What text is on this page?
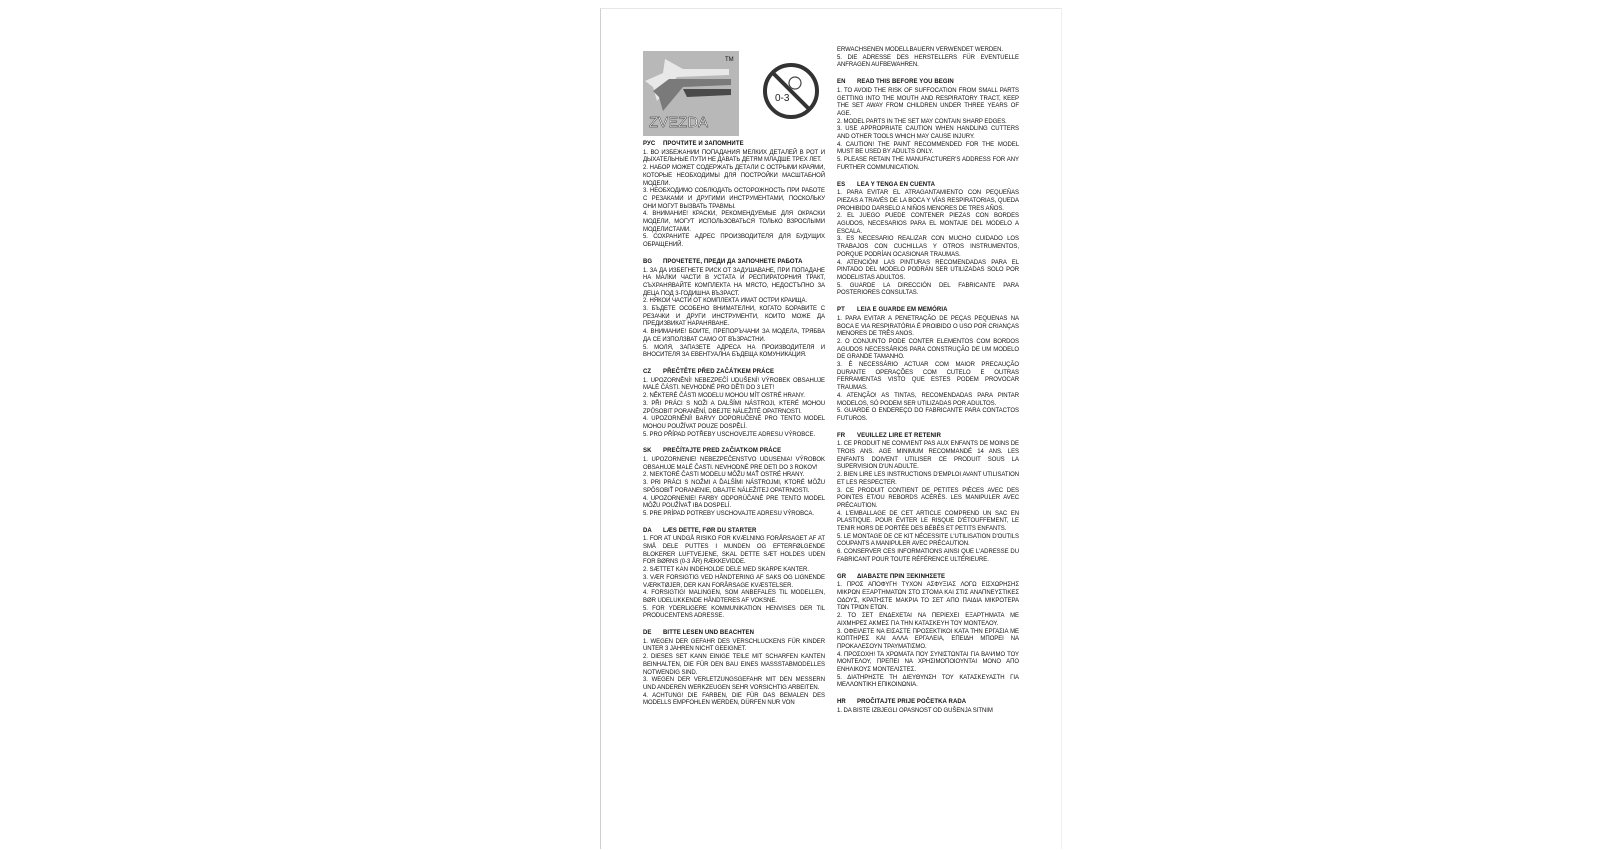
ZVEZDA
TM
0-3
РУС ПРОЧТИТЕ И ЗАПОМНИТЕ
1. ВО ИЗБЕЖАНИИ ПОПАДАНИЯ МЕЛКИХ ДЕТАЛЕЙ В РОТ И ДЫХАТЕЛЬНЫЕ ПУТИ НЕ ДАВАТЬ ДЕТЯМ МЛАДШЕ ТРЕХ ЛЕТ.
2. НАБОР МОЖЕТ СОДЕРЖАТЬ ДЕТАЛИ С ОСТРЫМИ КРАЯМИ, КОТОРЫЕ НЕОБХОДИМЫ ДЛЯ ПОСТРОЙКИ МАСШТАБНОЙ МОДЕЛИ.
3. НЕОБХОДИМО СОБЛЮДАТЬ ОСТОРОЖНОСТЬ ПРИ РАБОТЕ С РЕЗАКАМИ И ДРУГИМИ ИНСТРУМЕНТАМИ, ПОСКОЛЬКУ ОНИ МОГУТ ВЫЗВАТЬ ТРАВМЫ.
4. ВНИМАНИЕ! КРАСКИ, РЕКОМЕНДУЕМЫЕ ДЛЯ ОКРАСКИ МОДЕЛИ, МОГУТ ИСПОЛЬЗОВАТЬСЯ ТОЛЬКО ВЗРОСЛЫМИ МОДЕЛИСТАМИ.
5. СОХРАНИТЕ АДРЕС ПРОИЗВОДИТЕЛЯ ДЛЯ БУДУЩИХ ОБРАЩЕНИЙ.
BG ПРОЧЕТЕТЕ, ПРЕДИ ДА ЗАПОЧНЕТЕ РАБОТА
1. ЗА ДА ИЗБЕГНЕТЕ РИСК ОТ ЗАДУШАВАНЕ, ПРИ ПОПАДАНЕ НА МАЛКИ ЧАСТИ В УСТАТА И РЕСПИРАТОРНИЯ ТРАКТ, СЪХРАНЯВАЙТЕ КОМПЛЕКТА НА МЯСТО, НЕДОСТЪПНО ЗА ДЕЦА ПОД 3-ГОДИШНА ВЪЗРАСТ.
2. НЯКОИ ЧАСТИ ОТ КОМПЛЕКТА ИМАТ ОСТРИ КРАИЩА.
3. БЪДЕТЕ ОСОБЕНО ВНИМАТЕЛНИ, КОГАТО БОРАВИТЕ С РЕЗАЧКИ И ДРУГИ ИНСТРУМЕНТИ, КОИТО МОЖЕ ДА ПРЕДИЗВИКАТ НАРАНЯВАНЕ.
4. ВНИМАНИЕ! БОИТЕ, ПРЕПОРЪЧАНИ ЗА МОДЕЛА, ТРЯБВА ДА СЕ ИЗПОЛЗВАТ САМО ОТ ВЪЗРАСТНИ.
5. МОЛЯ, ЗАПАЗЕТЕ АДРЕСА НА ПРОИЗВОДИТЕЛЯ И ВНОСИТЕЛЯ ЗА ЕВЕНТУАЛНА БЪДЕЩА КОМУНИКАЦИЯ.
CZ PŘEČTĚTE PŘED ZAČÁTKEM PRÁCE
1. UPOZORNĚNÍ! NEBEZPEČÍ UDUŠENÍ! VÝROBEK OBSAHUJE MALÉ ČÁSTI. NEVHODNÉ PRO DĚTI DO 3 LET!
2. NĚKTERÉ ČÁSTI MODELU MOHOU MÍT OSTRÉ HRANY.
3. PŘI PRÁCI S NOŽI A DALŠÍMI NÁSTROJI, KTERÉ MOHOU ZPŮSOBIT PORANĚNÍ, DBEJTE NÁLEŽITÉ OPATRNOSTI.
4. UPOZORNĚNÍ! BARVY DOPORUČENÉ PRO TENTO MODEL MOHOU POUŽÍVAT POUZE DOSPĚLÍ.
5. PRO PŘÍPAD POTŘEBY USCHOVEJTE ADRESU VÝROBCE.
SK PREČÍTAJTE PRED ZAČIATKOM PRÁCE
1. UPOZORNENIE! NEBEZPEČENSTVO UDUSENIA! VÝROBOK OBSAHUJE MALÉ ČASTI. NEVHODNÉ PRE DETI DO 3 ROKOV!
2. NIEKTORÉ ČASTI MODELU MÔŽU MAŤ OSTRÉ HRANY.
3. PRI PRÁCI S NOŽMI A ĎALŠÍMI NÁSTROJMI, KTORÉ MÔŽU SPÔSOBIŤ PORANENIE, DBAJTE NÁLEŽITEJ OPATRNOSTI.
4. UPOZORNENIE! FARBY ODPORÚČANÉ PRE TENTO MODEL MÔŽU POUŽÍVAŤ IBA DOSPELÍ.
5. PRE PRÍPAD POTREBY USCHOVAJTE ADRESU VÝROBCA.
DA LÆS DETTE, FØR DU STARTER
1. FOR AT UNDGÅ RISIKO FOR KVÆLNING FORÅRSAGET AF AT SMÅ DELE PUTTES I MUNDEN OG EFTERFØLGENDE BLOKERER LUFTVEJENE, SKAL DETTE SÆT HOLDES UDEN FOR BØRNS (0-3 ÅR) RÆKKEVIDDE.
2. SÆTTET KAN INDEHOLDE DELE MED SKARPE KANTER.
3. VÆR FORSIGTIG VED HÅNDTERING AF SAKS OG LIGNENDE VÆRKTØJER, DER KAN FORÅRSAGE KVÆSTELSER.
4. FORSIGTIG! MALINGEN, SOM ANBEFALES TIL MODELLEN, BØR UDELUKKENDE HÅNDTERES AF VOKSNE.
5. FOR YDERLIGERE KOMMUNIKATION HENVISES DER TIL PRODUCENTENS ADRESSE.
DE BITTE LESEN UND BEACHTEN
1. WEGEN DER GEFAHR DES VERSCHLUCKENS FÜR KINDER UNTER 3 JAHREN NICHT GEEIGNET.
2. DIESES SET KANN EINIGE TEILE MIT SCHARFEN KANTEN BEINHALTEN, DIE FÜR DEN BAU EINES MASSSTABMODELLES NOTWENDIG SIND.
3. WEGEN DER VERLETZUNGSGEFAHR MIT DEN MESSERN UND ANDEREN WERKZEUGEN SEHR VORSICHTIG ARBEITEN.
4. ACHTUNG! DIE FARBEN, DIE FÜR DAS BEMALEN DES MODELLS EMPFOHLEN WERDEN, DÜRFEN NUR VON
ERWACHSENEN MODELLBAUERN VERWENDET WERDEN.
5. DIE ADRESSE DES HERSTELLERS FÜR EVENTUELLE ANFRAGEN AUFBEWAHREN.
EN READ THIS BEFORE YOU BEGIN
1. TO AVOID THE RISK OF SUFFOCATION FROM SMALL PARTS GETTING INTO THE MOUTH AND RESPIRATORY TRACT, KEEP THE SET AWAY FROM CHILDREN UNDER THREE YEARS OF AGE.
2. MODEL PARTS IN THE SET MAY CONTAIN SHARP EDGES.
3. USE APPROPRIATE CAUTION WHEN HANDLING CUTTERS AND OTHER TOOLS WHICH MAY CAUSE INJURY.
4. CAUTION! THE PAINT RECOMMENDED FOR THE MODEL MUST BE USED BY ADULTS ONLY.
5. PLEASE RETAIN THE MANUFACTURER'S ADDRESS FOR ANY FURTHER COMMUNICATION.
ES LEA Y TENGA EN CUENTA
1. PARA EVITAR EL ATRAGANTAMIENTO CON PEQUEÑAS PIEZAS A TRAVÉS DE LA BOCA Y VÍAS RESPIRATORIAS, QUEDA PROHIBIDO DARSELO A NIÑOS MENORES DE TRES AÑOS.
2. EL JUEGO PUEDE CONTENER PIEZAS CON BORDES AGUDOS, NECESARIOS PARA EL MONTAJE DEL MODELO A ESCALA.
3. ES NECESARIO REALIZAR CON MUCHO CUIDADO LOS TRABAJOS CON CUCHILLAS Y OTROS INSTRUMENTOS, PORQUE PODRÍAN OCASIONAR TRAUMAS.
4. ATENCIÓN! LAS PINTURAS RECOMENDADAS PARA EL PINTADO DEL MODELO PODRÁN SER UTILIZADAS SOLO POR MODELISTAS ADULTOS.
5. GUARDE LA DIRECCIÓN DEL FABRICANTE PARA POSTERIORES CONSULTAS.
PT LEIA E GUARDE EM MEMÓRIA
1. PARA EVITAR A PENETRAÇÃO DE PEÇAS PEQUENAS NA BOCA E VIA RESPIRATÓRIA É PROIBIDO O USO POR CRIANÇAS MENORES DE TRÊS ANOS.
2. O CONJUNTO PODE CONTER ELEMENTOS COM BORDOS AGUDOS NECESSÁRIOS PARA CONSTRUÇÃO DE UM MODELO DE GRANDE TAMANHO.
3. É NECESSÁRIO ACTUAR COM MAIOR PRECAUÇÃO DURANTE OPERAÇÕES COM CUTELO E OUTRAS FERRAMENTAS VISTO QUE ESTES PODEM PROVOCAR TRAUMAS.
4. ATENÇÃO! AS TINTAS, RECOMENDADAS PARA PINTAR MODELOS, SÓ PODEM SER UTILIZADAS POR ADULTOS.
5. GUARDE O ENDEREÇO DO FABRICANTE PARA CONTACTOS FUTUROS.
FR VEUILLEZ LIRE ET RETENIR
1. CE PRODUIT NE CONVIENT PAS AUX ENFANTS DE MOINS DE TROIS ANS. AGE MINIMUM RECOMMANDÉ 14 ANS. LES ENFANTS DOIVENT UTILISER CE PRODUIT SOUS LA SUPERVISION D'UN ADULTE.
2. BIEN LIRE LES INSTRUCTIONS D'EMPLOI AVANT UTILISATION ET LES RESPECTER.
3. CE PRODUIT CONTIENT DE PETITES PIÈCES AVEC DES POINTES ET/OU REBORDS ACÉRÉS. LES MANIPULER AVEC PRÉCAUTION.
4. L'EMBALLAGE DE CET ARTICLE COMPREND UN SAC EN PLASTIQUE. POUR ÉVITER LE RISQUE D'ÉTOUFFEMENT, LE TENIR HORS DE PORTÉE DES BÉBÉS ET PETITS ENFANTS.
5. LE MONTAGE DE CE KIT NÉCESSITE L'UTILISATION D'OUTILS COUPANTS A MANIPULER AVEC PRÉCAUTION.
6. CONSERVER CES INFORMATIONS AINSI QUE L'ADRESSE DU FABRICANT POUR TOUTE RÉFÉRENCE ULTÉRIEURE.
GR ΔΙΑΒΑΣΤΕ ΠΡΙΝ ΞΕΚΙΝΗΣΕΤΕ
1. ΠΡΟΣ ΑΠΟΦΥΓΗ ΤΥΧΟΝ ΑΣΦΥΞΙΑΣ ΛΟΓΩ ΕΙΣΧΩΡΗΣΗΣ ΜΙΚΡΩΝ ΕΞΑΡΤΗΜΑΤΩΝ ΣΤΟ ΣΤΟΜΑ ΚΑΙ ΣΤΙΣ ΑΝΑΠΝΕΥΣΤΙΚΕΣ ΟΔΟΥΣ, ΚΡΑΤΗΣΤΕ ΜΑΚΡΙΑ ΤΟ ΣΕΤ ΑΠΟ ΠΑΙΔΙΑ ΜΙΚΡΟΤΕΡΑ ΤΩΝ ΤΡΙΩΝ ΕΤΩΝ.
2. ΤΟ ΣΕΤ ΕΝΔΕΧΕΤΑΙ ΝΑ ΠΕΡΙΕΧΕΙ ΕΞΑΡΤΗΜΑΤΑ ΜΕ ΑΙΧΜΗΡΕΣ ΑΚΜΕΣ ΓΙΑ ΤΗΝ ΚΑΤΑΣΚΕΥΗ ΤΟΥ ΜΟΝΤΕΛΟΥ.
3. ΟΦΕΙΛΕΤΕ ΝΑ ΕΙΣΑΣΤΕ ΠΡΟΣΕΚΤΙΚΟΙ ΚΑΤΑ ΤΗΝ ΕΡΓΑΣΙΑ ΜΕ ΚΟΠΤΗΡΕΣ ΚΑΙ ΑΛΛΑ ΕΡΓΑΛΕΙΑ, ΕΠΕΙΔΗ ΜΠΟΡΕΙ ΝΑ ΠΡΟΚΑΛΕΣΟΥΝ ΤΡΑΥΜΑΤΙΣΜΟ.
4. ΠΡΟΣΟΧΗ! ΤΑ ΧΡΩΜΑΤΑ ΠΟΥ ΣΥΝΙΣΤΩΝΤΑΙ ΓΙΑ ΒΑΨΙΜΟ ΤΟΥ ΜΟΝΤΕΛΟΥ, ΠΡΕΠΕΙ ΝΑ ΧΡΗΣΙΜΟΠΟΙΟΥΝΤΑΙ ΜΟΝΟ ΑΠΟ ΕΝΗΛΙΚΟΥΣ ΜΟΝΤΕΛΙΣΤΕΣ.
5. ΔΙΑΤΗΡΗΣΤΕ ΤΗ ΔΙΕΥΘΥΝΣΗ ΤΟΥ ΚΑΤΑΣΚΕΥΑΣΤΗ ΓΙΑ ΜΕΛΛΟΝΤΙΚΗ ΕΠΙΚΟΙΝΩΝΙΑ.
HR PROČITAJTE PRIJE POČETKA RADA
1. DA BISTE IZBJEGLI OPASNOST OD GUŠENJA SITNIM
